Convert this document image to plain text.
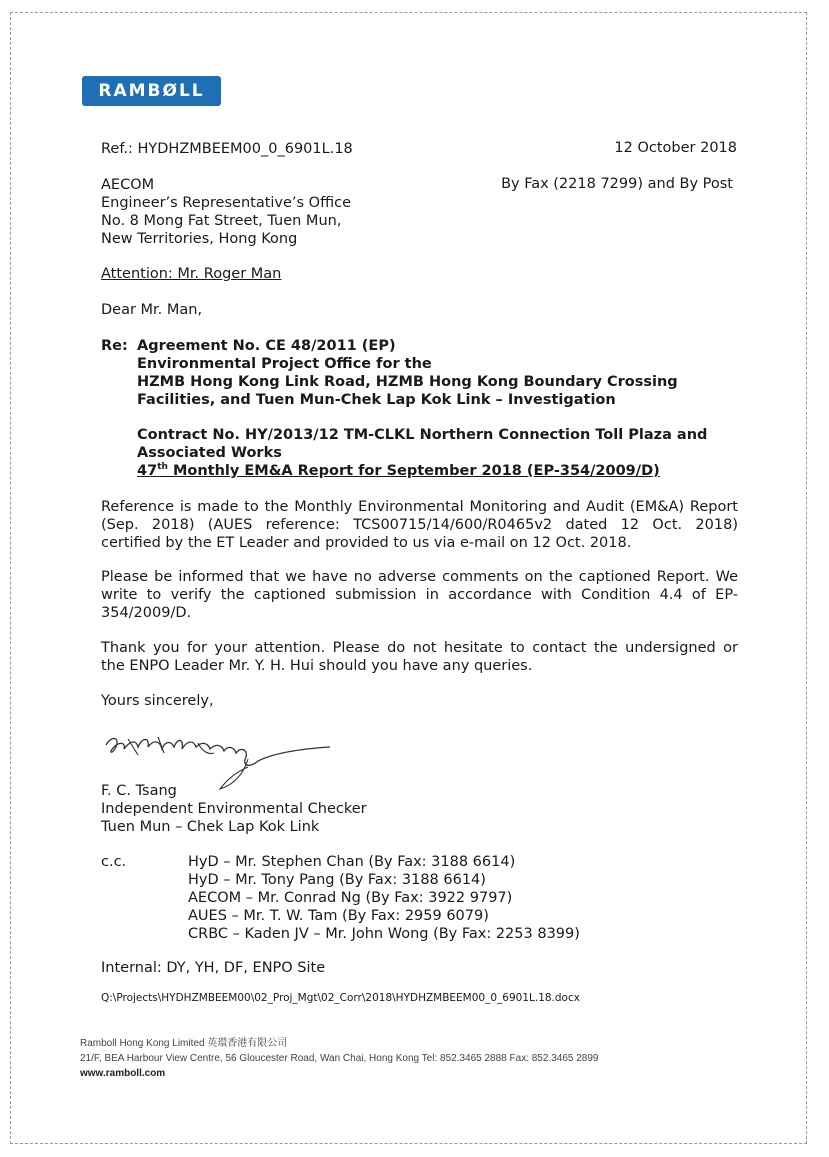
RAMBØLL
Ref.: HYDHZMBEEM00_0_6901L.18	12 October 2018
By Fax (2218 7299) and By Post
AECOM
Engineer’s Representative’s Office
No. 8 Mong Fat Street, Tuen Mun,
New Territories, Hong Kong
Attention: Mr. Roger Man
Dear Mr. Man,
Re: Agreement No. CE 48/2011 (EP)
Environmental Project Office for the
HZMB Hong Kong Link Road, HZMB Hong Kong Boundary Crossing
Facilities, and Tuen Mun-Chek Lap Kok Link – Investigation
Contract No. HY/2013/12 TM-CLKL Northern Connection Toll Plaza and
Associated Works
47th Monthly EM&A Report for September 2018 (EP-354/2009/D)
Reference is made to the Monthly Environmental Monitoring and Audit (EM&A) Report
(Sep. 2018) (AUES reference: TCS00715/14/600/R0465v2 dated 12 Oct. 2018)
certified by the ET Leader and provided to us via e-mail on 12 Oct. 2018.
Please be informed that we have no adverse comments on the captioned Report. We
write to verify the captioned submission in accordance with Condition 4.4 of EP-
354/2009/D.
Thank you for your attention. Please do not hesitate to contact the undersigned or
the ENPO Leader Mr. Y. H. Hui should you have any queries.
Yours sincerely,
F. C. Tsang
Independent Environmental Checker
Tuen Mun – Chek Lap Kok Link
c.c.	HyD – Mr. Stephen Chan (By Fax: 3188 6614)
HyD – Mr. Tony Pang (By Fax: 3188 6614)
AECOM – Mr. Conrad Ng (By Fax: 3922 9797)
AUES – Mr. T. W. Tam (By Fax: 2959 6079)
CRBC – Kaden JV – Mr. John Wong (By Fax: 2253 8399)
Internal: DY, YH, DF, ENPO Site
Q:\Projects\HYDHZMBEEM00\02_Proj_Mgt\02_Corr\2018\HYDHZMBEEM00_0_6901L.18.docx
Ramboll Hong Kong Limited 英環香港有限公司
21/F, BEA Harbour View Centre, 56 Gloucester Road, Wan Chai, Hong Kong Tel: 852.3465 2888 Fax: 852.3465 2899
www.ramboll.com
